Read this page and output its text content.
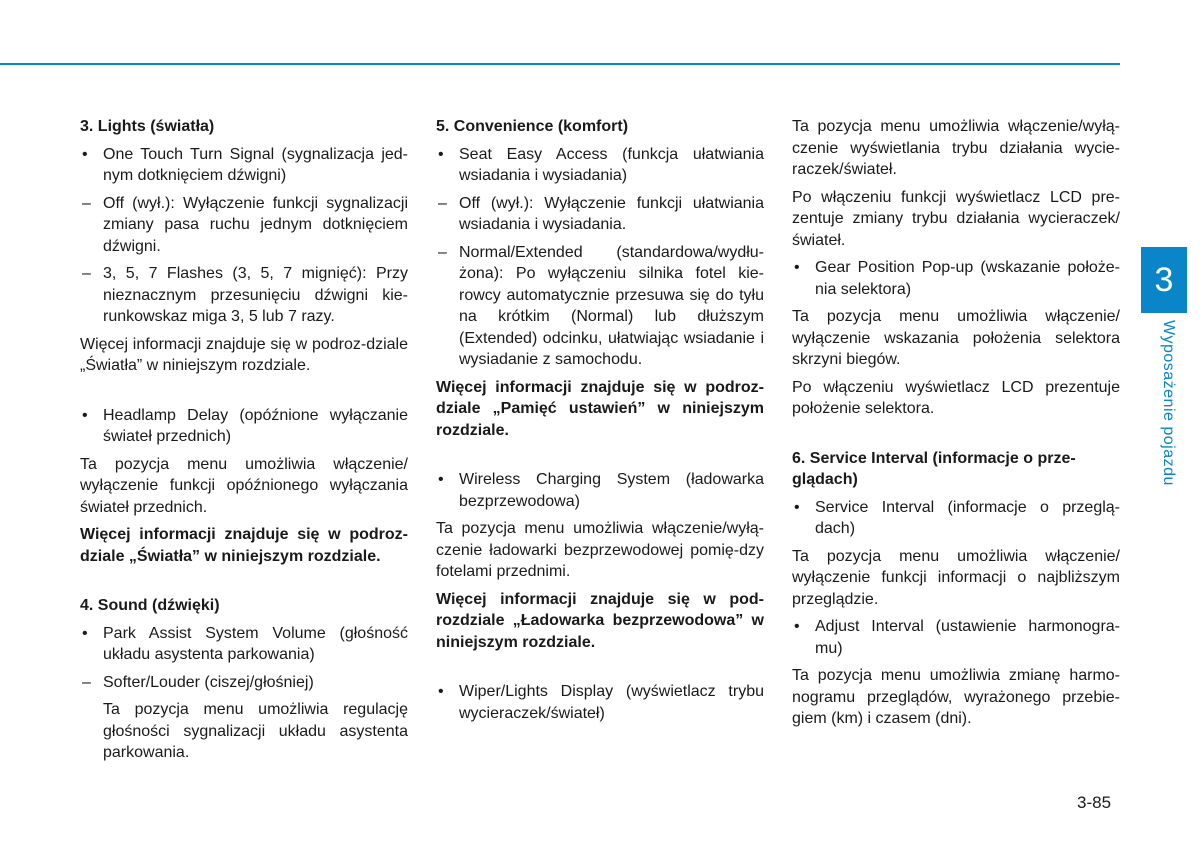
3. Lights (światła)
• One Touch Turn Signal (sygnalizacja jed-nym dotknięciem dźwigni)
– Off (wył.): Wyłączenie funkcji sygnalizacji zmiany pasa ruchu jednym dotknięciem dźwigni.
– 3, 5, 7 Flashes (3, 5, 7 mignięć): Przy nieznacznym przesunięciu dźwigni kie-runkowskaz miga 3, 5 lub 7 razy.

Więcej informacji znajduje się w podroz-dziale „Światła” w niniejszym rozdziale.

• Headlamp Delay (opóźnione wyłączanie świateł przednich)

Ta pozycja menu umożliwia włączenie/ wyłączenie funkcji opóźnionego wyłączania świateł przednich.

Więcej informacji znajduje się w podroz-dziale „Światła” w niniejszym rozdziale.

4. Sound (dźwięki)
• Park Assist System Volume (głośność układu asystenta parkowania)
– Softer/Louder (ciszej/głośniej)

Ta pozycja menu umożliwia regulację głośności sygnalizacji układu asystenta parkowania.

5. Convenience (komfort)
• Seat Easy Access (funkcja ułatwiania wsiadania i wysiadania)
– Off (wył.): Wyłączenie funkcji ułatwiania wsiadania i wysiadania.
– Normal/Extended (standardowa/wydłu-żona): Po wyłączeniu silnika fotel kie-rowcy automatycznie przesuwa się do tyłu na krótkim (Normal) lub dłuższym (Extended) odcinku, ułatwiając wsiadanie i wysiadanie z samochodu.

Więcej informacji znajduje się w podroz-dziale „Pamięć ustawień” w niniejszym rozdziale.

• Wireless Charging System (ładowarka bezprzewodowa)

Ta pozycja menu umożliwia włączenie/wyłą-czenie ładowarki bezprzewodowej pomię-dzy fotelami przednimi.

Więcej informacji znajduje się w pod-rozdziale „Ładowarka bezprzewodowa” w niniejszym rozdziale.

• Wiper/Lights Display (wyświetlacz trybu wycieraczek/świateł)

Ta pozycja menu umożliwia włączenie/wyłą-czenie wyświetlania trybu działania wycie-raczek/świateł.

Po włączeniu funkcji wyświetlacz LCD pre-zentuje zmiany trybu działania wycieraczek/ świateł.

• Gear Position Pop-up (wskazanie położe-nia selektora)

Ta pozycja menu umożliwia włączenie/ wyłączenie wskazania położenia selektora skrzyni biegów.

Po włączeniu wyświetlacz LCD prezentuje położenie selektora.

6. Service Interval (informacje o prze-glądach)
• Service Interval (informacje o przeglą-dach)

Ta pozycja menu umożliwia włączenie/ wyłączenie funkcji informacji o najbliższym przeglądzie.

• Adjust Interval (ustawienie harmonogra-mu)

Ta pozycja menu umożliwia zmianę harmo-nogramu przeglądów, wyrażonego przebie-giem (km) i czasem (dni).

3
Wyposażenie pojazdu
3-85
